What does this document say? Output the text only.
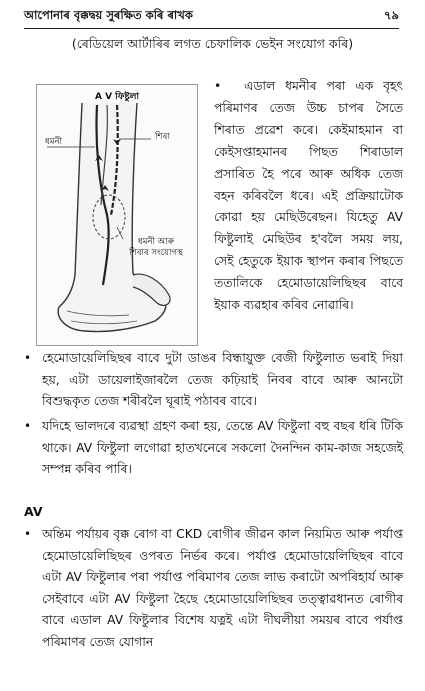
আপোনাৰ বৃক্কদ্বয় সুৰক্ষিত কৰি ৰাখক	৭৯
(ৰেডিয়েল আৰ্টাৰিৰ লগত চেফালিক ভেইন সংযোগ কৰি)
A V ফিষ্টুলা
ধমনী	শিৰা
ধমনী আৰু
শিৰাৰ সংযোগস্থ
• এডাল ধমনীৰ পৰা এক বৃহৎ পৰিমাণৰ তেজ উচ্চ চাপৰ সৈতে শিৰাত প্ৰৱেশ কৰে। কেইমাহমান বা কেইসপ্তাহমানৰ পিছত শিৰাডাল প্ৰসাৰিত হৈ পৰে আৰু অধিক তেজ বহন কৰিবলৈ ধৰে। এই প্ৰক্ৰিয়াটোক কোৱা হয় মেছিউৰেছন। যিহেতু AV ফিষ্টুলাই মেছিউৰ হ'বলৈ সময় লয়, সেই হেতুকে ইয়াক স্থাপন কৰাৰ পিছতে ততালিকে হেমোডায়েলিছিছৰ বাবে ইয়াক ব্যৱহাৰ কৰিব নোৱাৰি।
• হেমোডায়েলিছিছৰ বাবে দুটা ডাঙৰ বিন্ধায়ুক্ত বেজী ফিষ্টুলাত ভৰাই দিয়া হয়, এটা ডায়েলাইজাৰলৈ তেজ কঢ়িয়াই নিবৰ বাবে আৰু আনটো বিশুদ্ধকৃত তেজ শৰীৰলৈ ঘূৰাই পঠাবৰ বাবে।
• যদিহে ভালদৰে ব্যৱস্থা গ্ৰহণ কৰা হয়, তেন্তে AV ফিষ্টুলা বহু বছৰ ধৰি টিকি থাকে। AV ফিষ্টুলা লগোৱা হাতখনেৰে সকলো দৈনন্দিন কাম-কাজ সহজেই সম্পন্ন কৰিব পাৰি।
AV
• অন্তিম পৰ্যায়ৰ বৃক্ক ৰোগ বা CKD ৰোগীৰ জীৱন কাল নিয়মিত আৰু পৰ্যাপ্ত হেমোডায়েলিছিছৰ ওপৰত নিৰ্ভৰ কৰে। পৰ্যাপ্ত হেমোডায়েলিছিছৰ বাবে এটা AV ফিষ্টুলাৰ পৰা পৰ্যাপ্ত পৰিমাণৰ তেজ লাভ কৰাটো অপৰিহাৰ্য আৰু সেইবাবে এটা AV ফিষ্টুলা হৈছে হেমোডায়েলিছিছৰ তত্ত্বাৱধানত ৰোগীৰ বাবে এডাল AV ফিষ্টুলাৰ বিশেষ যত্নই এটা দীঘলীয়া সময়ৰ বাবে পৰ্যাপ্ত পৰিমাণৰ তেজ যোগান
